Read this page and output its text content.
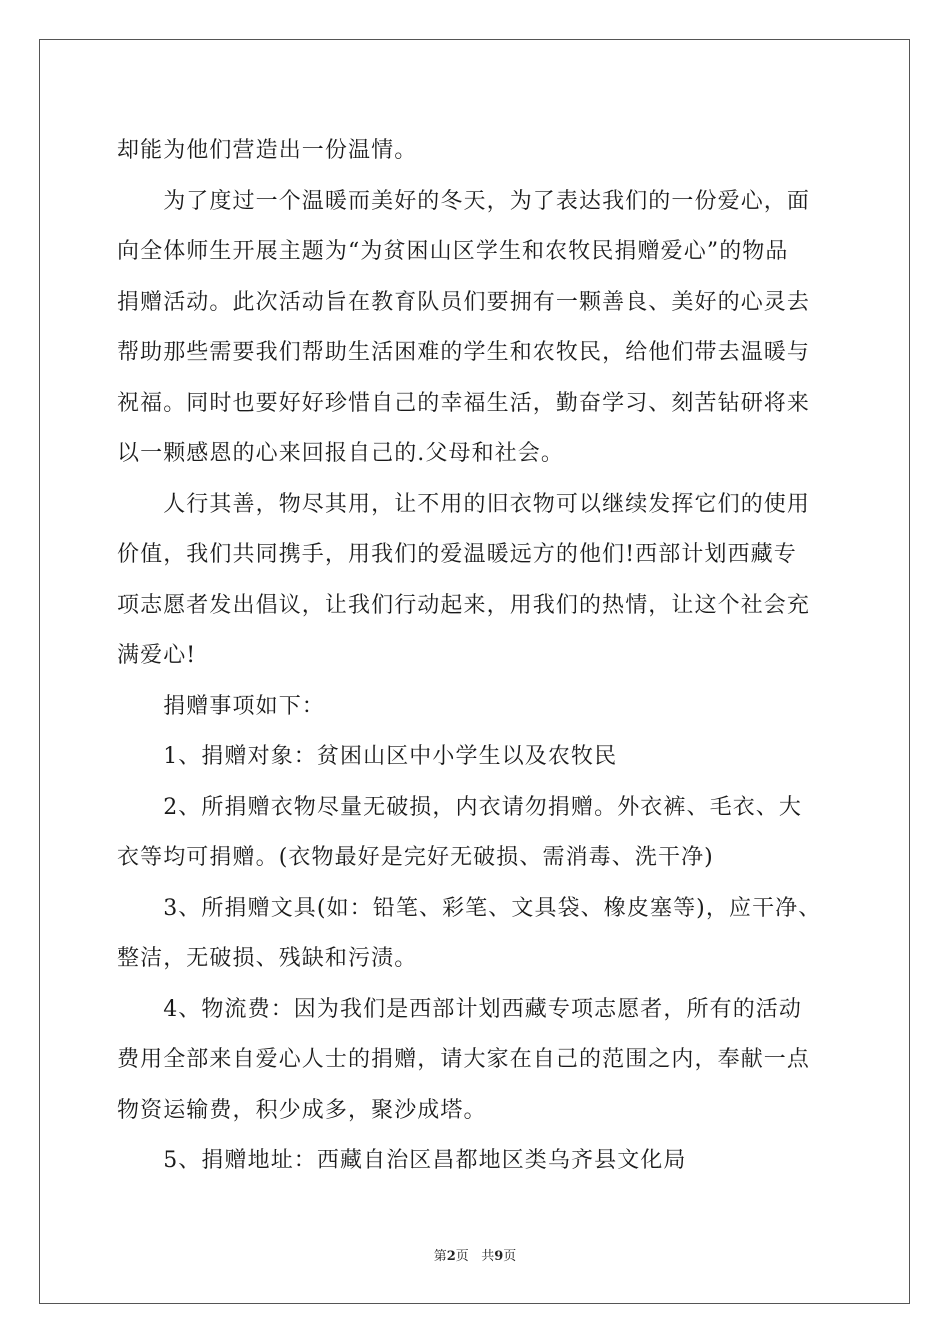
却能为他们营造出一份温情。
　　为了度过一个温暖而美好的冬天，为了表达我们的一份爱心，面
向全体师生开展主题为“为贫困山区学生和农牧民捐赠爱心”的物品
捐赠活动。此次活动旨在教育队员们要拥有一颗善良、美好的心灵去
帮助那些需要我们帮助生活困难的学生和农牧民，给他们带去温暖与
祝福。同时也要好好珍惜自己的幸福生活，勤奋学习、刻苦钻研将来
以一颗感恩的心来回报自己的.父母和社会。
　　人行其善，物尽其用，让不用的旧衣物可以继续发挥它们的使用
价值，我们共同携手，用我们的爱温暖远方的他们!西部计划西藏专
项志愿者发出倡议，让我们行动起来，用我们的热情，让这个社会充
满爱心!
　　捐赠事项如下：
　　1、捐赠对象：贫困山区中小学生以及农牧民
　　2、所捐赠衣物尽量无破损，内衣请勿捐赠。外衣裤、毛衣、大
衣等均可捐赠。(衣物最好是完好无破损、需消毒、洗干净)
　　3、所捐赠文具(如：铅笔、彩笔、文具袋、橡皮塞等)，应干净、
整洁，无破损、残缺和污渍。
　　4、物流费：因为我们是西部计划西藏专项志愿者，所有的活动
费用全部来自爱心人士的捐赠，请大家在自己的范围之内，奉献一点
物资运输费，积少成多，聚沙成塔。
　　5、捐赠地址：西藏自治区昌都地区类乌齐县文化局
第2页   共9页
